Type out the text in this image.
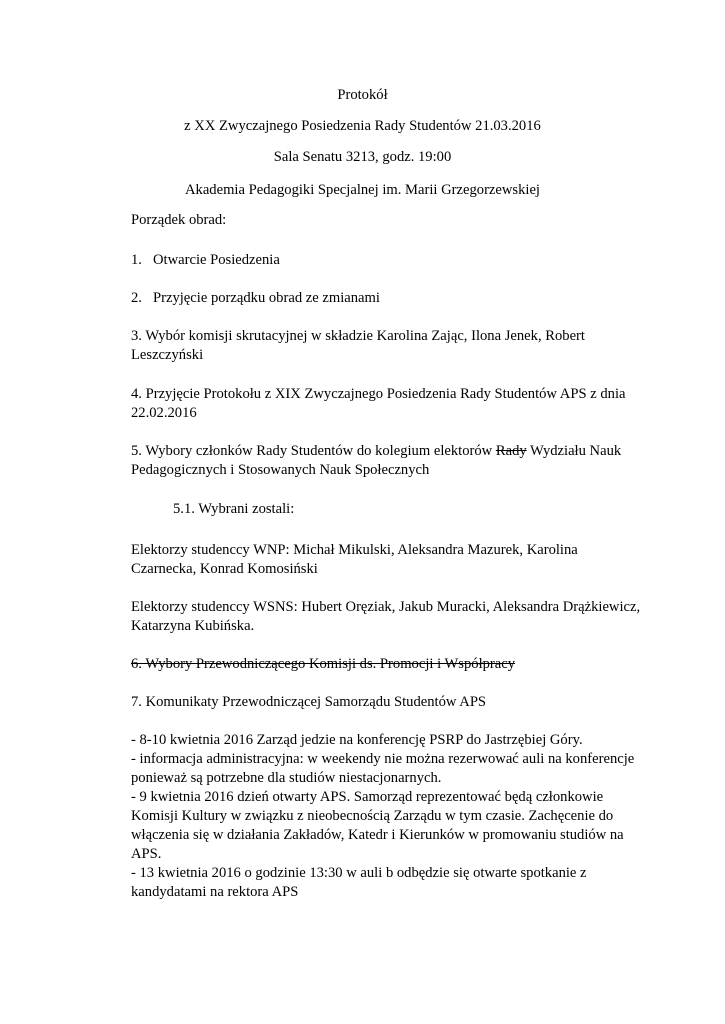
Protokół
z XX Zwyczajnego Posiedzenia Rady Studentów 21.03.2016
Sala Senatu 3213, godz. 19:00
Akademia Pedagogiki Specjalnej im. Marii Grzegorzewskiej

Porządek obrad:

1. Otwarcie Posiedzenia

2. Przyjęcie porządku obrad ze zmianami

3. Wybór komisji skrutacyjnej w składzie Karolina Zając, Ilona Jenek, Robert Leszczyński

4. Przyjęcie Protokołu z XIX Zwyczajnego Posiedzenia Rady Studentów APS z dnia 22.02.2016

5. Wybory członków Rady Studentów do kolegium elektorów Rady Wydziału Nauk Pedagogicznych i Stosowanych Nauk Społecznych

5.1. Wybrani zostali:

Elektorzy studenccy WNP: Michał Mikulski, Aleksandra Mazurek, Karolina Czarnecka, Konrad Komosiński

Elektorzy studenccy WSNS: Hubert Oręziak, Jakub Muracki, Aleksandra Drążkiewicz, Katarzyna Kubińska.

6. Wybory Przewodniczącego Komisji ds. Promocji i Współpracy

7. Komunikaty Przewodniczącej Samorządu Studentów APS

- 8-10 kwietnia 2016 Zarząd jedzie na konferencję PSRP do Jastrzębiej Góry.
- informacja administracyjna: w weekendy nie można rezerwować auli na konferencje ponieważ są potrzebne dla studiów niestacjonarnych.
- 9 kwietnia 2016 dzień otwarty APS. Samorząd reprezentować będą członkowie Komisji Kultury w związku z nieobecnością Zarządu w tym czasie. Zachęcenie do włączenia się w działania Zakładów, Katedr i Kierunków w promowaniu studiów na APS.
- 13 kwietnia 2016 o godzinie 13:30 w auli b odbędzie się otwarte spotkanie z kandydatami na rektora APS
